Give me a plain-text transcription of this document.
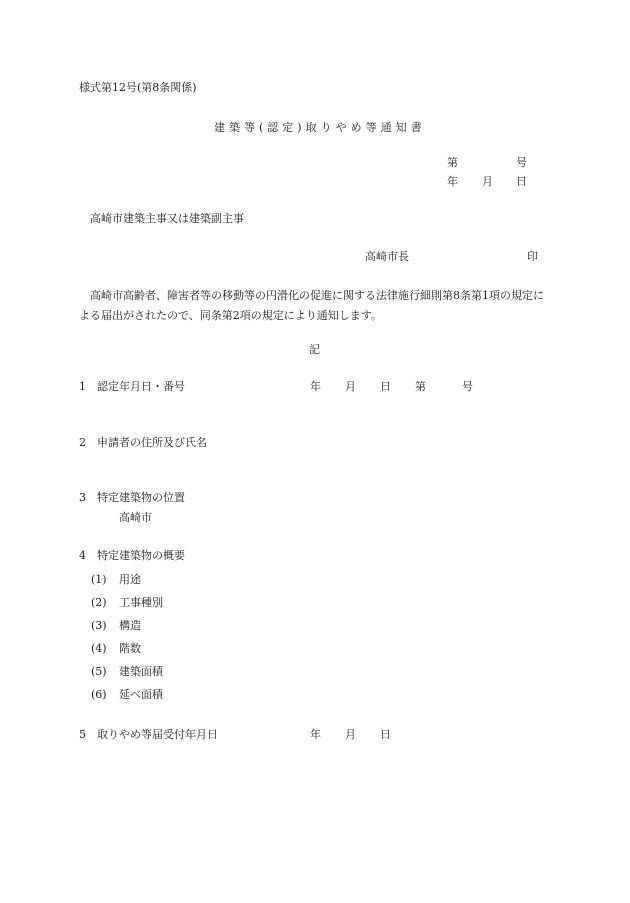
様式第12号(第8条関係)
建築等(認定)取りやめ等通知書
第	号
年 月 日
高崎市建築主事又は建築副主事
高崎市長	印
高崎市高齢者、障害者等の移動等の円滑化の促進に関する法律施行細則第8条第1項の規定による届出がされたので、同条第2項の規定により通知します。
記
1　認定年月日・番号	年 月 日 第	号
2　申請者の住所及び氏名
3　特定建築物の位置
高崎市
4　特定建築物の概要
(1) 用途
(2) 工事種別
(3) 構造
(4) 階数
(5) 建築面積
(6) 延べ面積
5　取りやめ等届受付年月日	年 月 日
